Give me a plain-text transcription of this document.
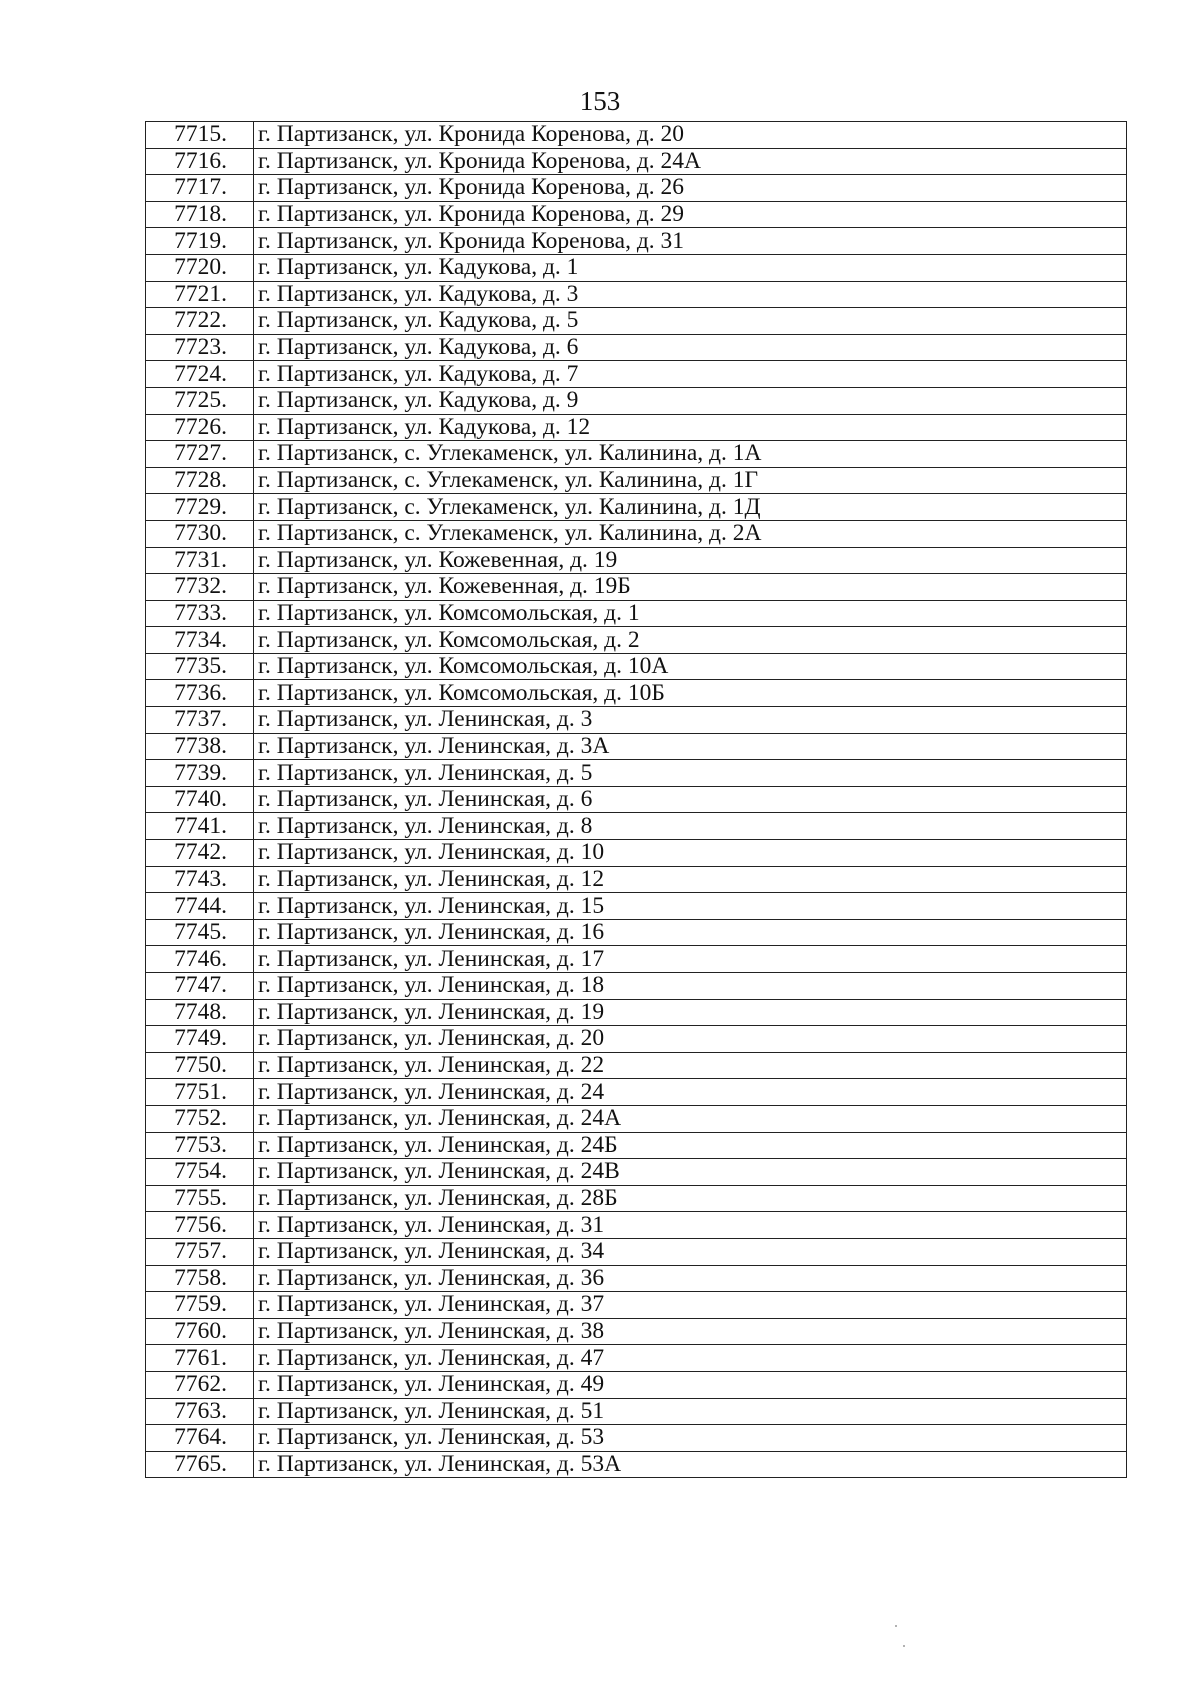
153
7715.	г. Партизанск, ул. Кронида Коренова, д. 20
7716.	г. Партизанск, ул. Кронида Коренова, д. 24А
7717.	г. Партизанск, ул. Кронида Коренова, д. 26
7718.	г. Партизанск, ул. Кронида Коренова, д. 29
7719.	г. Партизанск, ул. Кронида Коренова, д. 31
7720.	г. Партизанск, ул. Кадукова, д. 1
7721.	г. Партизанск, ул. Кадукова, д. 3
7722.	г. Партизанск, ул. Кадукова, д. 5
7723.	г. Партизанск, ул. Кадукова, д. 6
7724.	г. Партизанск, ул. Кадукова, д. 7
7725.	г. Партизанск, ул. Кадукова, д. 9
7726.	г. Партизанск, ул. Кадукова, д. 12
7727.	г. Партизанск, с. Углекаменск, ул. Калинина, д. 1А
7728.	г. Партизанск, с. Углекаменск, ул. Калинина, д. 1Г
7729.	г. Партизанск, с. Углекаменск, ул. Калинина, д. 1Д
7730.	г. Партизанск, с. Углекаменск, ул. Калинина, д. 2А
7731.	г. Партизанск, ул. Кожевенная, д. 19
7732.	г. Партизанск, ул. Кожевенная, д. 19Б
7733.	г. Партизанск, ул. Комсомольская, д. 1
7734.	г. Партизанск, ул. Комсомольская, д. 2
7735.	г. Партизанск, ул. Комсомольская, д. 10А
7736.	г. Партизанск, ул. Комсомольская, д. 10Б
7737.	г. Партизанск, ул. Ленинская, д. 3
7738.	г. Партизанск, ул. Ленинская, д. 3А
7739.	г. Партизанск, ул. Ленинская, д. 5
7740.	г. Партизанск, ул. Ленинская, д. 6
7741.	г. Партизанск, ул. Ленинская, д. 8
7742.	г. Партизанск, ул. Ленинская, д. 10
7743.	г. Партизанск, ул. Ленинская, д. 12
7744.	г. Партизанск, ул. Ленинская, д. 15
7745.	г. Партизанск, ул. Ленинская, д. 16
7746.	г. Партизанск, ул. Ленинская, д. 17
7747.	г. Партизанск, ул. Ленинская, д. 18
7748.	г. Партизанск, ул. Ленинская, д. 19
7749.	г. Партизанск, ул. Ленинская, д. 20
7750.	г. Партизанск, ул. Ленинская, д. 22
7751.	г. Партизанск, ул. Ленинская, д. 24
7752.	г. Партизанск, ул. Ленинская, д. 24А
7753.	г. Партизанск, ул. Ленинская, д. 24Б
7754.	г. Партизанск, ул. Ленинская, д. 24В
7755.	г. Партизанск, ул. Ленинская, д. 28Б
7756.	г. Партизанск, ул. Ленинская, д. 31
7757.	г. Партизанск, ул. Ленинская, д. 34
7758.	г. Партизанск, ул. Ленинская, д. 36
7759.	г. Партизанск, ул. Ленинская, д. 37
7760.	г. Партизанск, ул. Ленинская, д. 38
7761.	г. Партизанск, ул. Ленинская, д. 47
7762.	г. Партизанск, ул. Ленинская, д. 49
7763.	г. Партизанск, ул. Ленинская, д. 51
7764.	г. Партизанск, ул. Ленинская, д. 53
7765.	г. Партизанск, ул. Ленинская, д. 53А
